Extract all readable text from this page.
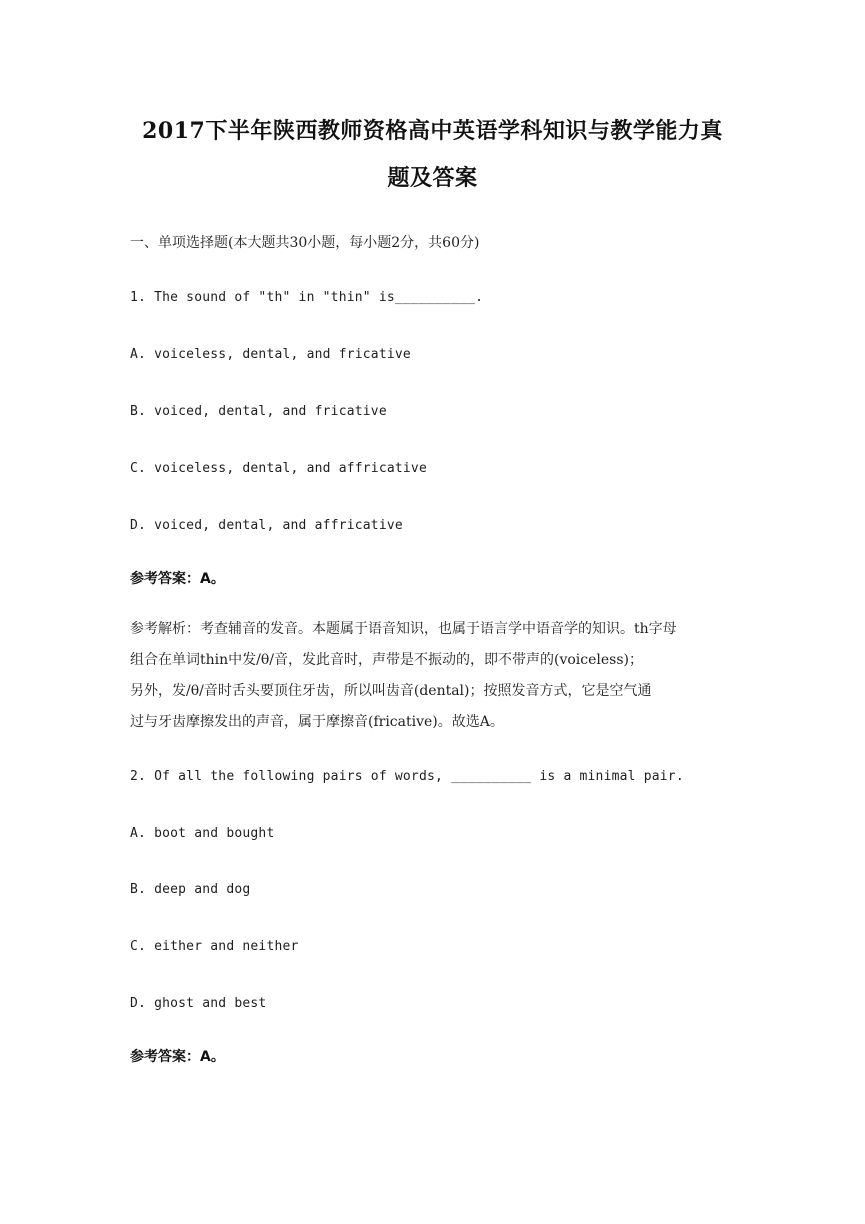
2017下半年陕西教师资格高中英语学科知识与教学能力真
题及答案
一、单项选择题(本大题共30小题，每小题2分，共60分)
1. The sound of "th" in "thin" is__________.
A. voiceless, dental, and fricative
B. voiced, dental, and fricative
C. voiceless, dental, and affricative
D. voiced, dental, and affricative
参考答案：A。
参考解析：考查辅音的发音。本题属于语音知识，也属于语言学中语音学的知识。th字母
组合在单词thin中发/θ/音，发此音时，声带是不振动的，即不带声的(voiceless)；
另外，发/θ/音时舌头要顶住牙齿，所以叫齿音(dental)；按照发音方式，它是空气通
过与牙齿摩擦发出的声音，属于摩擦音(fricative)。故选A。
2. Of all the following pairs of words, __________ is a minimal pair.
A. boot and bought
B. deep and dog
C. either and neither
D. ghost and best
参考答案：A。
